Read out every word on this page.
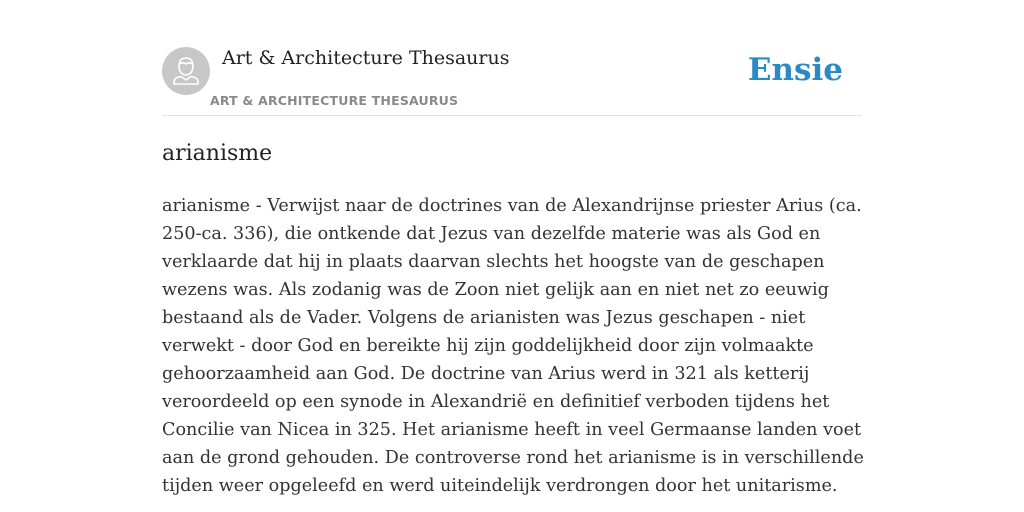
Art & Architecture Thesaurus
ART & ARCHITECTURE THESAURUS
Ensie
arianisme

arianisme - Verwijst naar de doctrines van de Alexandrijnse priester Arius (ca. 250-ca. 336), die ontkende dat Jezus van dezelfde materie was als God en verklaarde dat hij in plaats daarvan slechts het hoogste van de geschapen wezens was. Als zodanig was de Zoon niet gelijk aan en niet net zo eeuwig bestaand als de Vader. Volgens de arianisten was Jezus geschapen - niet verwekt - door God en bereikte hij zijn goddelijkheid door zijn volmaakte gehoorzaamheid aan God. De doctrine van Arius werd in 321 als ketterij veroordeeld op een synode in Alexandrië en definitief verboden tijdens het Concilie van Nicea in 325. Het arianisme heeft in veel Germaanse landen voet aan de grond gehouden. De controverse rond het arianisme is in verschillende tijden weer opgeleefd en werd uiteindelijk verdrongen door het unitarisme.
